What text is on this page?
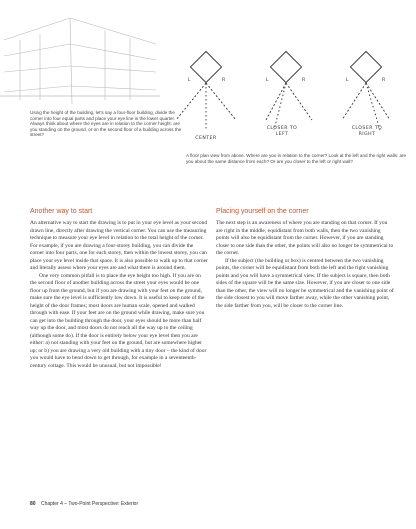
Using the height of the building, let's say a four-floor building, divide the corner into four equal parts and place your eye line in the lower quarter. Always think about where the eyes are in relation to the corner height: are you standing on the ground, or on the second floor of a building across the street?
L	R	L	R	L	R
CENTER
CLOSER TO LEFT
CLOSER TO RIGHT
A floor plan view from above. Where are you in relation to the corner? Look at the left and the right walls: are you about the same distance from each? Or are you closer to the left or right wall?

Another way to start

An alternative way to start the drawing is to put in your eye level as your second drawn line, directly after drawing the vertical corner. You can use the measuring technique to measure your eye level in relation to the total height of the corner. For example, if you are drawing a four-storey building, you can divide the corner into four parts, one for each storey, then within the lowest storey, you can place your eye level inside that space. It is also possible to walk up to that corner and literally assess where your eyes are and what there is around them.

One very common pitfall is to place the eye height too high. If you are on the second floor of another building across the street your eyes would be one floor up from the ground, but if you are drawing with your feet on the ground, make sure the eye level is sufficiently low down. It is useful to keep note of the height of the door frames; most doors are human scale, opened and walked through with ease. If your feet are on the ground while drawing, make sure you can get into the building through the door, your eyes should be more than half way up the door, and most doors do not reach all the way up to the ceiling (although some do). If the door is entirely below your eye level then you are either: a) not standing with your feet on the ground, but are somewhere higher up; or b) you are drawing a very old building with a tiny door – the kind of door you would have to bend down to get through, for example in a seventeenth-century cottage. This would be unusual, but not impossible!

Placing yourself on the corner

The next step is an awareness of where you are standing on that corner. If you are right in the middle, equidistant from both walls, then the two vanishing points will also be equidistant from the corner. However, if you are standing closer to one side than the other, the points will also no longer be symmetrical to the corner.

If the subject (the building or box) is centred between the two vanishing points, the corner will be equidistant from both the left and the right vanishing points and you will have a symmetrical view. If the subject is square, then both sides of the square will be the same size. However, if you are closer to one side than the other, the view will no longer be symmetrical and the vanishing point of the side closest to you will move farther away, while the other vanishing point, the side farther from you, will be closer to the corner line.

80 Chapter 4 – Two-Point Perspective: Exterior
